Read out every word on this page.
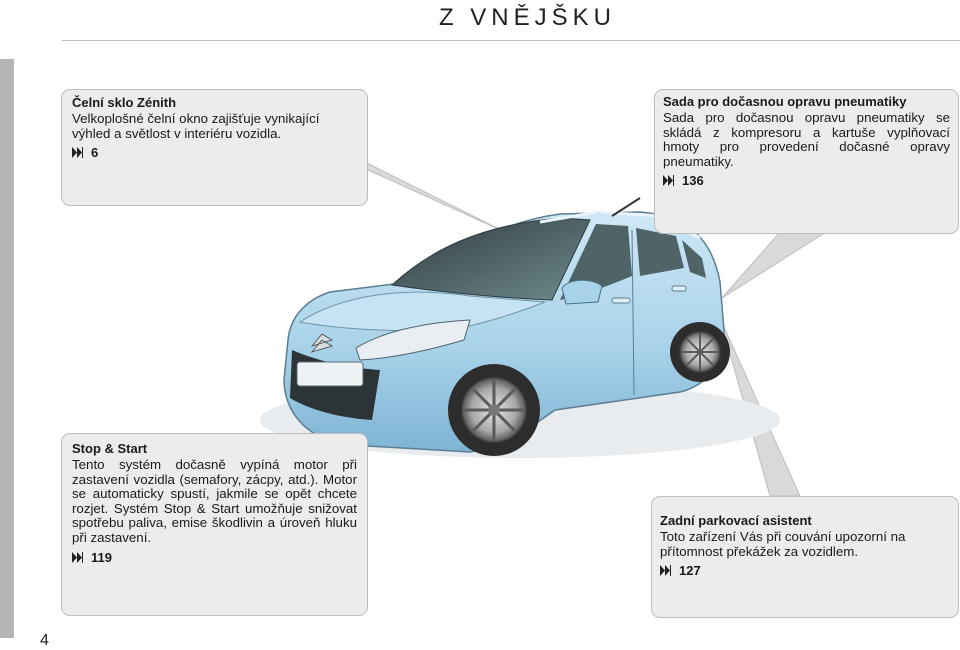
Z VNĚJŠKU
Čelní sklo Zénith

Velkoplošné čelní okno zajišťuje vynikající výhled a světlost v interiéru vozidla.

6
Sada pro dočasnou opravu pneumatiky

Sada pro dočasnou opravu pneumatiky se skládá z kompresoru a kartuše vyplňovací hmoty pro provedení dočasné opravy pneumatiky.

136
Stop & Start

Tento systém dočasně vypíná motor při zastavení vozidla (semafory, zácpy, atd.). Motor se automaticky spustí, jakmile se opět chcete rozjet. Systém Stop & Start umožňuje snižovat spotřebu paliva, emise škodlivin a úroveň hluku při zastavení.

119
Zadní parkovací asistent

Toto zařízení Vás při couvání upozorní na přítomnost překážek za vozidlem.

127
4
